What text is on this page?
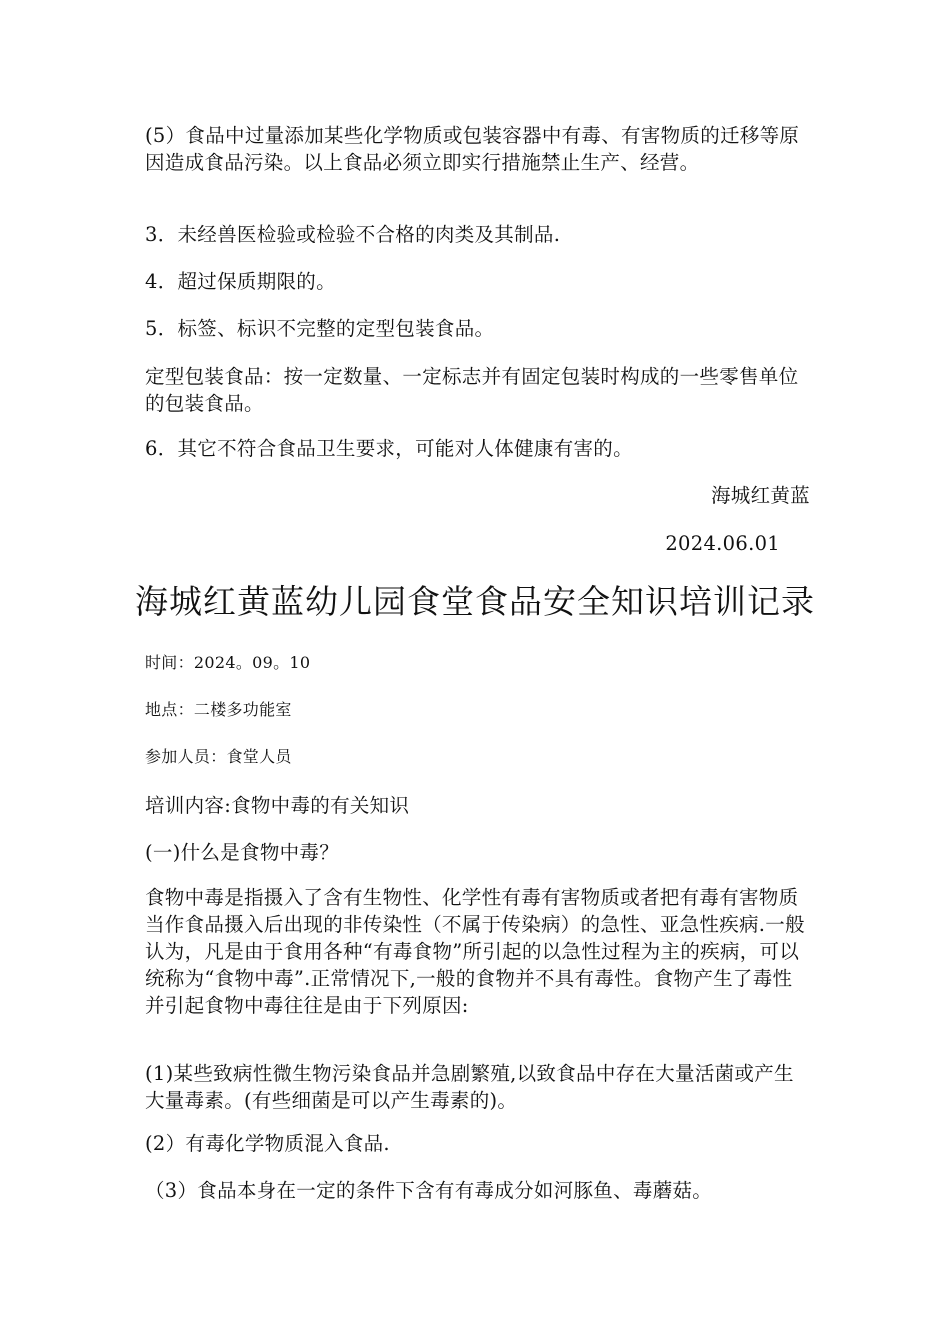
(5）食品中过量添加某些化学物质或包装容器中有毒、有害物质的迁移等原因造成食品污染。以上食品必须立即实行措施禁止生产、经营。

3．未经兽医检验或检验不合格的肉类及其制品.

4．超过保质期限的。

5．标签、标识不完整的定型包装食品。

定型包装食品：按一定数量、一定标志并有固定包装时构成的一些零售单位的包装食品。

6．其它不符合食品卫生要求，可能对人体健康有害的。

海城红黄蓝

2024.06.01

海城红黄蓝幼儿园食堂食品安全知识培训记录

时间：2024。09。10

地点：二楼多功能室

参加人员：食堂人员

培训内容:食物中毒的有关知识

(一)什么是食物中毒？

食物中毒是指摄入了含有生物性、化学性有毒有害物质或者把有毒有害物质当作食品摄入后出现的非传染性（不属于传染病）的急性、亚急性疾病.一般认为，凡是由于食用各种“有毒食物”所引起的以急性过程为主的疾病，可以统称为“食物中毒”.正常情况下,一般的食物并不具有毒性。食物产生了毒性并引起食物中毒往往是由于下列原因:

(1)某些致病性微生物污染食品并急剧繁殖,以致食品中存在大量活菌或产生大量毒素。(有些细菌是可以产生毒素的)。

(2）有毒化学物质混入食品.

（3）食品本身在一定的条件下含有有毒成分如河豚鱼、毒蘑菇。
